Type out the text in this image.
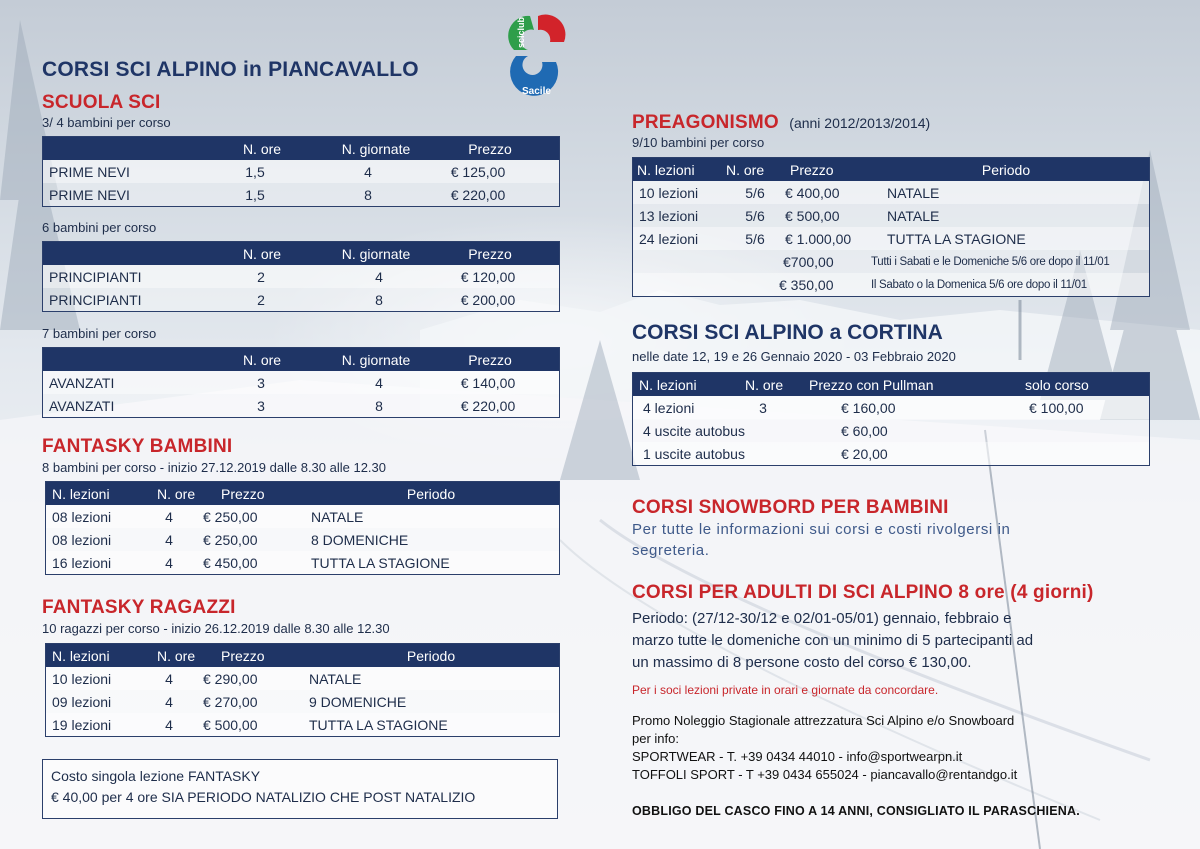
sciclub
Sacile
CORSI SCI ALPINO in PIANCAVALLO
SCUOLA SCI
3/ 4 bambini per corso
N. ore	N. giornate	Prezzo
PRIME NEVI	1,5	4	€ 125,00
PRIME NEVI	1,5	8	€ 220,00
6 bambini per corso
N. ore	N. giornate	Prezzo
PRINCIPIANTI	2	4	€ 120,00
PRINCIPIANTI	2	8	€ 200,00
7 bambini per corso
N. ore	N. giornate	Prezzo
AVANZATI	3	4	€ 140,00
AVANZATI	3	8	€ 220,00
FANTASKY BAMBINI
8 bambini per corso - inizio 27.12.2019 dalle 8.30 alle 12.30
N. lezioni	N. ore Prezzo	Periodo
08 lezioni	4 € 250,00	NATALE
08 lezioni	4 € 250,00	8 DOMENICHE
16 lezioni	4 € 450,00	TUTTA LA STAGIONE
FANTASKY RAGAZZI
10 ragazzi per corso - inizio 26.12.2019 dalle 8.30 alle 12.30
N. lezioni	N. ore Prezzo	Periodo
10 lezioni	4 € 290,00	NATALE
09 lezioni	4 € 270,00	9 DOMENICHE
19 lezioni	4 € 500,00	TUTTA LA STAGIONE
Costo singola lezione FANTASKY
€ 40,00 per 4 ore SIA PERIODO NATALIZIO CHE POST NATALIZIO
PREAGONISMO (anni 2012/2013/2014)
9/10 bambini per corso
N. lezioni N. ore Prezzo	Periodo
10 lezioni	5/6 € 400,00	NATALE
13 lezioni	5/6 € 500,00	NATALE
24 lezioni	5/6 € 1.000,00	TUTTA LA STAGIONE
€700,00	Tutti i Sabati e le Domeniche 5/6 ore dopo il 11/01
€ 350,00	Il Sabato o la Domenica 5/6 ore dopo il 11/01
CORSI SCI ALPINO a CORTINA
nelle date 12, 19 e 26 Gennaio 2020 - 03 Febbraio 2020
N. lezioni	N. ore Prezzo con Pullman	solo corso
4 lezioni	3	€ 160,00	€ 100,00
4 uscite autobus	€ 60,00
1 uscite autobus	€ 20,00
CORSI SNOWBORD PER BAMBINI
Per tutte le informazioni sui corsi e costi rivolgersi in
segreteria.
CORSI PER ADULTI DI SCI ALPINO 8 ore (4 giorni)
Periodo: (27/12-30/12 e 02/01-05/01) gennaio, febbraio e
marzo tutte le domeniche con un minimo di 5 partecipanti ad
un massimo di 8 persone costo del corso € 130,00.
Per i soci lezioni private in orari e giornate da concordare.
Promo Noleggio Stagionale attrezzatura Sci Alpino e/o Snowboard
per info:
SPORTWEAR - T. +39 0434 44010 - info@sportwearpn.it
TOFFOLI SPORT - T +39 0434 655024 - piancavallo@rentandgo.it
OBBLIGO DEL CASCO FINO A 14 ANNI, CONSIGLIATO IL PARASCHIENA.
